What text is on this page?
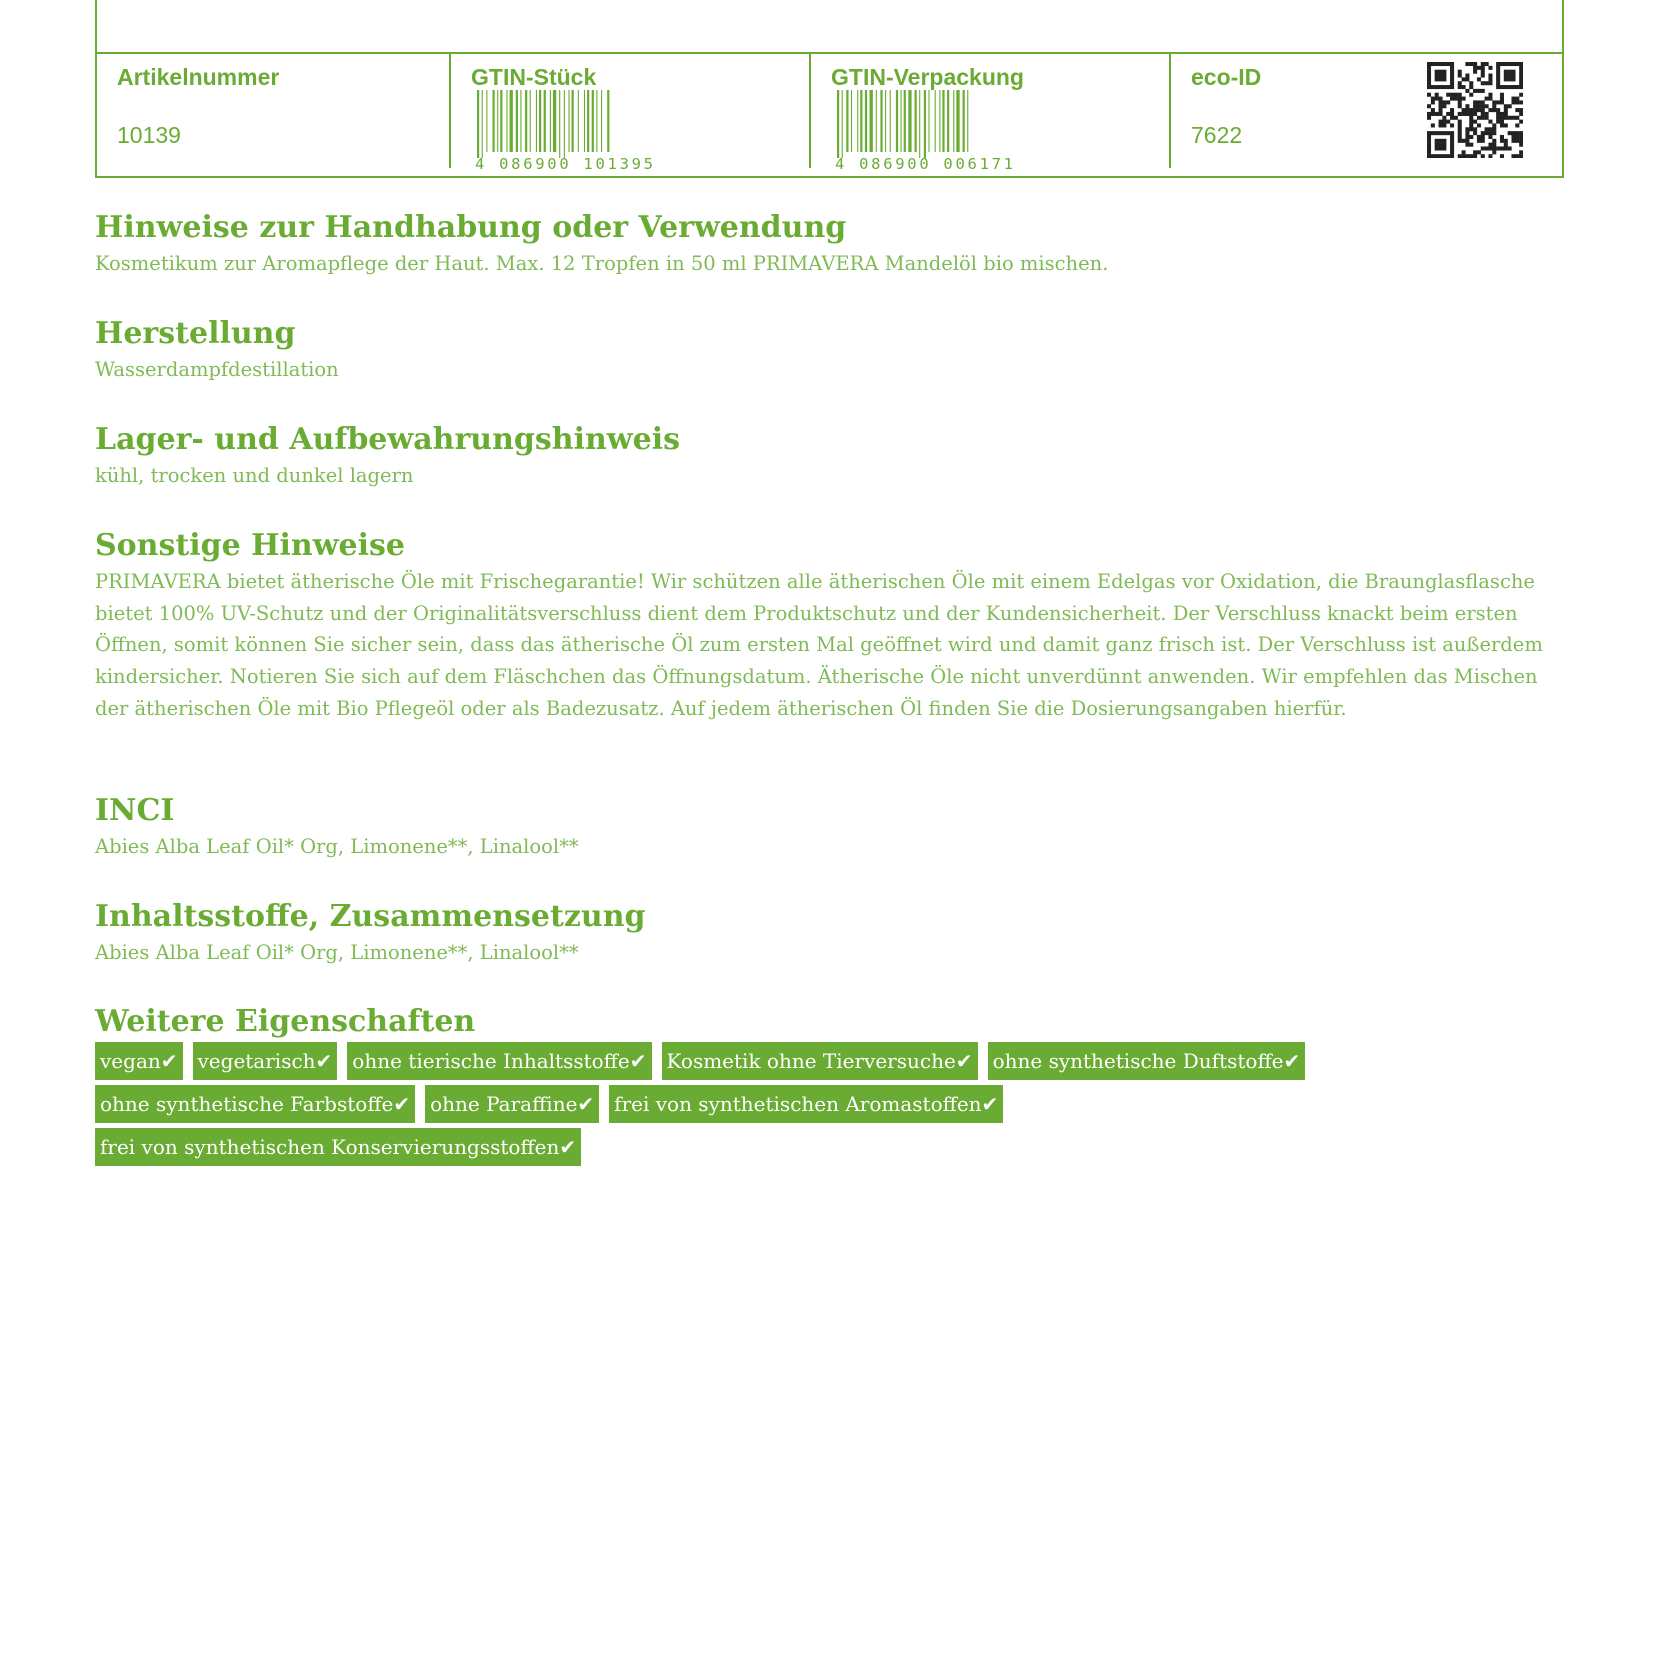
Artikelnummer
10139
GTIN-Stück
4 086900 101395
GTIN-Verpackung
4 086900 006171
eco-ID
7622
Hinweise zur Handhabung oder Verwendung

Kosmetikum zur Aromapflege der Haut. Max. 12 Tropfen in 50 ml PRIMAVERA Mandelöl bio mischen.

Herstellung

Wasserdampfdestillation

Lager- und Aufbewahrungshinweis

kühl, trocken und dunkel lagern

Sonstige Hinweise

PRIMAVERA bietet ätherische Öle mit Frischegarantie! Wir schützen alle ätherischen Öle mit einem Edelgas vor Oxidation, die Braunglasflasche bietet 100% UV-Schutz und der Originalitätsverschluss dient dem Produktschutz und der Kundensicherheit. Der Verschluss knackt beim ersten Öffnen, somit können Sie sicher sein, dass das ätherische Öl zum ersten Mal geöffnet wird und damit ganz frisch ist. Der Verschluss ist außerdem kindersicher. Notieren Sie sich auf dem Fläschchen das Öffnungsdatum. Ätherische Öle nicht unverdünnt anwenden. Wir empfehlen das Mischen der ätherischen Öle mit Bio Pflegeöl oder als Badezusatz. Auf jedem ätherischen Öl finden Sie die Dosierungsangaben hierfür.

INCI

Abies Alba Leaf Oil* Org, Limonene**, Linalool**

Inhaltsstoffe, Zusammensetzung

Abies Alba Leaf Oil* Org, Limonene**, Linalool**

Weitere Eigenschaften
vegan✔ vegetarisch✔ ohne tierische Inhaltsstoffe✔ Kosmetik ohne Tierversuche✔ ohne synthetische Duftstoffe✔
ohne synthetische Farbstoffe✔ ohne Paraffine✔ frei von synthetischen Aromastoffen✔
frei von synthetischen Konservierungsstoffen✔
